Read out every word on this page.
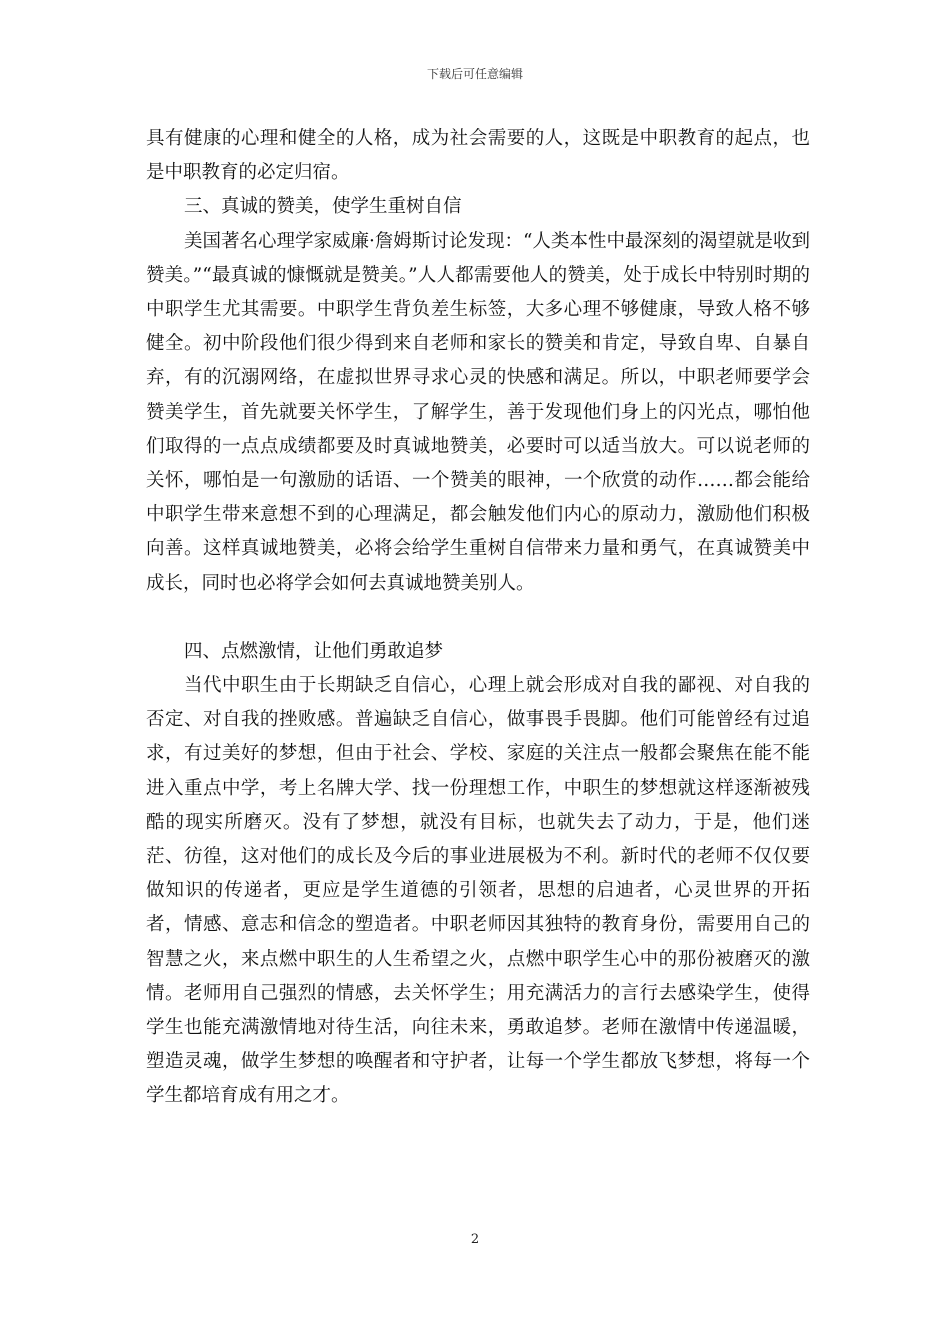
下载后可任意编辑

具有健康的心理和健全的人格，成为社会需要的人，这既是中职教育的起点，也是中职教育的必定归宿。

三、真诚的赞美，使学生重树自信

美国著名心理学家威廉·詹姆斯讨论发现：“人类本性中最深刻的渴望就是收到赞美。”“最真诚的慷慨就是赞美。”人人都需要他人的赞美，处于成长中特别时期的中职学生尤其需要。中职学生背负差生标签，大多心理不够健康，导致人格不够健全。初中阶段他们很少得到来自老师和家长的赞美和肯定，导致自卑、自暴自弃，有的沉溺网络，在虚拟世界寻求心灵的快感和满足。所以，中职老师要学会赞美学生，首先就要关怀学生，了解学生，善于发现他们身上的闪光点，哪怕他们取得的一点点成绩都要及时真诚地赞美，必要时可以适当放大。可以说老师的关怀，哪怕是一句激励的话语、一个赞美的眼神，一个欣赏的动作……都会能给中职学生带来意想不到的心理满足，都会触发他们内心的原动力，激励他们积极向善。这样真诚地赞美，必将会给学生重树自信带来力量和勇气，在真诚赞美中成长，同时也必将学会如何去真诚地赞美别人。

四、点燃激情，让他们勇敢追梦

当代中职生由于长期缺乏自信心，心理上就会形成对自我的鄙视、对自我的否定、对自我的挫败感。普遍缺乏自信心，做事畏手畏脚。他们可能曾经有过追求，有过美好的梦想，但由于社会、学校、家庭的关注点一般都会聚焦在能不能进入重点中学，考上名牌大学、找一份理想工作，中职生的梦想就这样逐渐被残酷的现实所磨灭。没有了梦想，就没有目标，也就失去了动力，于是，他们迷茫、彷徨，这对他们的成长及今后的事业进展极为不利。新时代的老师不仅仅要做知识的传递者，更应是学生道德的引领者，思想的启迪者，心灵世界的开拓者，情感、意志和信念的塑造者。中职老师因其独特的教育身份，需要用自己的智慧之火，来点燃中职生的人生希望之火，点燃中职学生心中的那份被磨灭的激情。老师用自己强烈的情感，去关怀学生；用充满活力的言行去感染学生，使得学生也能充满激情地对待生活，向往未来，勇敢追梦。老师在激情中传递温暖，塑造灵魂，做学生梦想的唤醒者和守护者，让每一个学生都放飞梦想，将每一个学生都培育成有用之才。

2
